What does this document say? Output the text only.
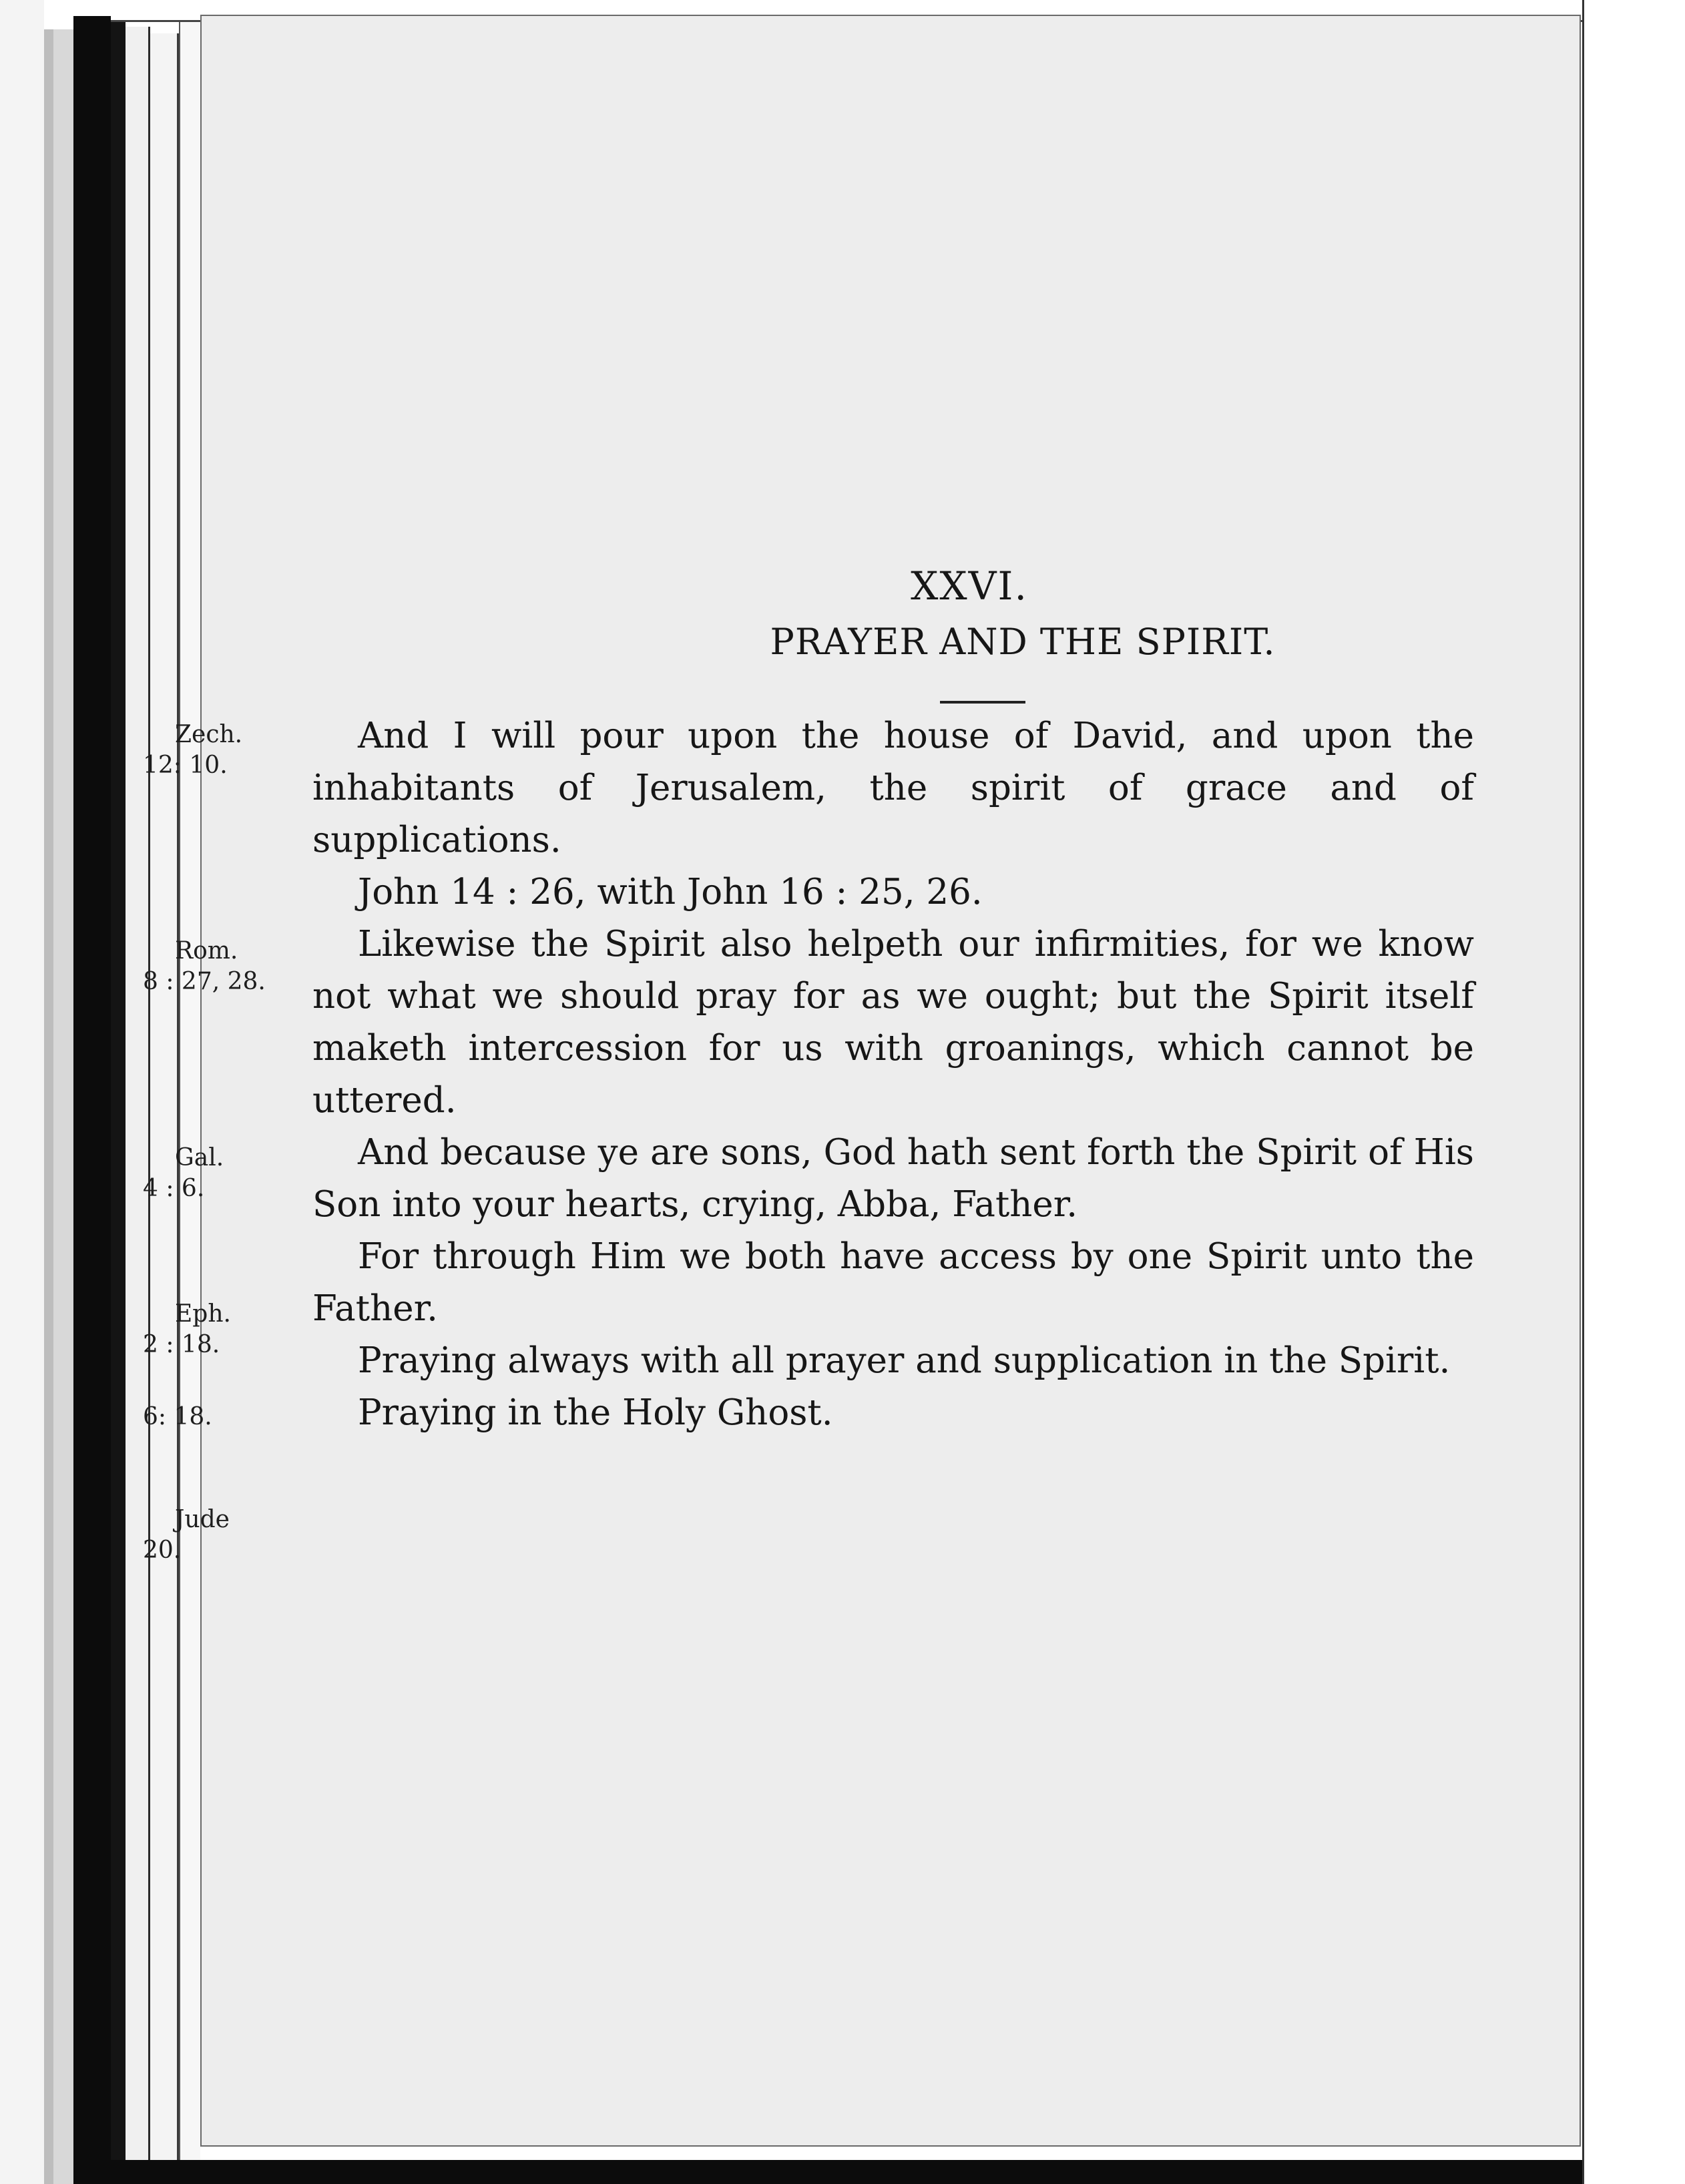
XXVI.
PRAYER AND THE SPIRIT.
Zech.
12: 10.
Rom.
8 : 27, 28.
Gal.
4 : 6.
Eph.
2 : 18.
6: 18.
Jude
20.

And I will pour upon the house of David, and upon the inhabitants of Jerusalem, the spirit of grace and of supplications.

John 14 : 26, with John 16 : 25, 26.

Likewise the Spirit also helpeth our infirmities, for we know not what we should pray for as we ought; but the Spirit itself maketh intercession for us with groanings, which cannot be uttered.

And because ye are sons, God hath sent forth the Spirit of His Son into your hearts, crying, Abba, Father.

For through Him we both have access by one Spirit unto the Father.

Praying always with all prayer and supplication in the Spirit.

Praying in the Holy Ghost.
